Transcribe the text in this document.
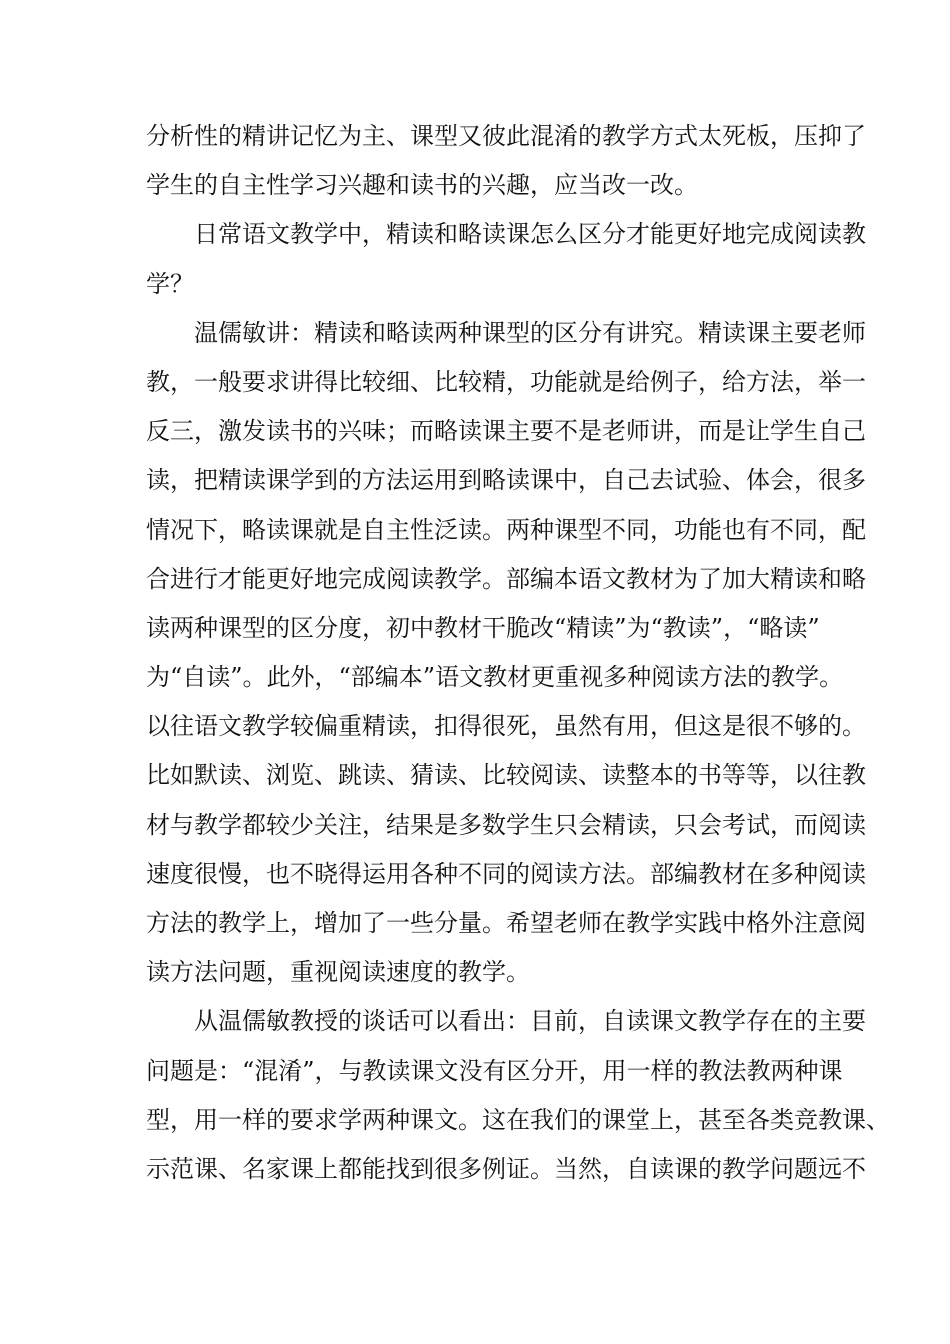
分析性的精讲记忆为主、课型又彼此混淆的教学方式太死板，压抑了
学生的自主性学习兴趣和读书的兴趣，应当改一改。
日常语文教学中，精读和略读课怎么区分才能更好地完成阅读教
学？
温儒敏讲：精读和略读两种课型的区分有讲究。精读课主要老师
教，一般要求讲得比较细、比较精，功能就是给例子，给方法，举一
反三，激发读书的兴味；而略读课主要不是老师讲，而是让学生自己
读，把精读课学到的方法运用到略读课中，自己去试验、体会，很多
情况下，略读课就是自主性泛读。两种课型不同，功能也有不同，配
合进行才能更好地完成阅读教学。部编本语文教材为了加大精读和略
读两种课型的区分度，初中教材干脆改“精读”为“教读”，“略读”
为“自读”。此外，“部编本”语文教材更重视多种阅读方法的教学。
以往语文教学较偏重精读，扣得很死，虽然有用，但这是很不够的。
比如默读、浏览、跳读、猜读、比较阅读、读整本的书等等，以往教
材与教学都较少关注，结果是多数学生只会精读，只会考试，而阅读
速度很慢，也不晓得运用各种不同的阅读方法。部编教材在多种阅读
方法的教学上，增加了一些分量。希望老师在教学实践中格外注意阅
读方法问题，重视阅读速度的教学。
从温儒敏教授的谈话可以看出：目前，自读课文教学存在的主要
问题是：“混淆”，与教读课文没有区分开，用一样的教法教两种课
型，用一样的要求学两种课文。这在我们的课堂上，甚至各类竞教课、
示范课、名家课上都能找到很多例证。当然，自读课的教学问题远不
